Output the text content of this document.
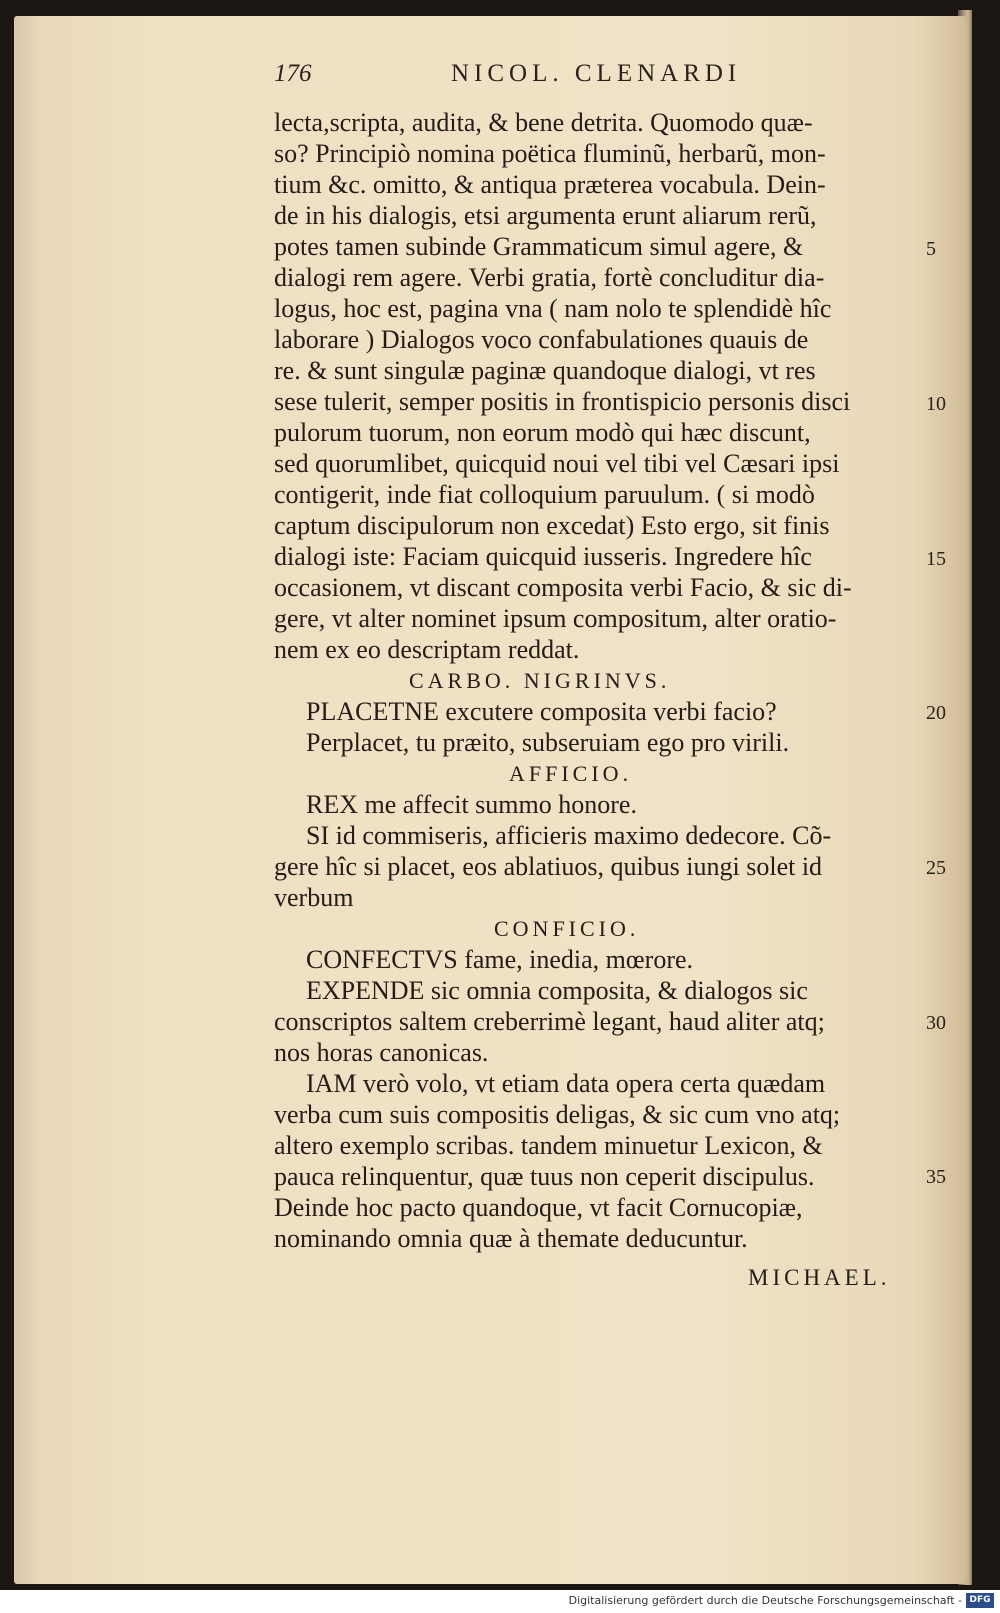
176	NICOL. CLENARDI
lecta,scripta, audita, & bene detrita. Quomodo quæ-
so? Principiò nomina poëtica fluminũ, herbarũ, mon-
tium &c. omitto, & antiqua præterea vocabula. Dein-
de in his dialogis, etsi argumenta erunt aliarum rerũ,
potes tamen subinde Grammaticum simul agere, &
dialogi rem agere. Verbi gratia, fortè concluditur dia-
logus, hoc est, pagina vna ( nam nolo te splendidè hîc
laborare ) Dialogos voco confabulationes quauis de
re. & sunt singulæ paginæ quandoque dialogi, vt res
sese tulerit, semper positis in frontispicio personis disci
pulorum tuorum, non eorum modò qui hæc discunt,
sed quorumlibet, quicquid noui vel tibi vel Cæsari ipsi
contigerit, inde fiat colloquium paruulum. ( si modò
captum discipulorum non excedat) Esto ergo, sit finis
dialogi iste: Faciam quicquid iusseris. Ingredere hîc
occasionem, vt discant composita verbi Facio, & sic di-
gere, vt alter nominet ipsum compositum, alter oratio-
nem ex eo descriptam reddat.
CARBO. NIGRINVS.
PLACETNE excutere composita verbi facio?
Perplacet, tu præito, subseruiam ego pro virili.
AFFICIO.
REX me affecit summo honore.
SI id commiseris, afficieris maximo dedecore. Cõ-
gere hîc si placet, eos ablatiuos, quibus iungi solet id
verbum
CONFICIO.
CONFECTVS fame, inedia, mœrore.
EXPENDE sic omnia composita, & dialogos sic
conscriptos saltem creberrimè legant, haud aliter atq;
nos horas canonicas.
IAM verò volo, vt etiam data opera certa quædam
verba cum suis compositis deligas, & sic cum vno atq;
altero exemplo scribas. tandem minuetur Lexicon, &
pauca relinquentur, quæ tuus non ceperit discipulus.
Deinde hoc pacto quandoque, vt facit Cornucopiæ,
nominando omnia quæ à themate deducuntur.
5
10
15
20
25
30
35
MICHAEL.
Digitalisierung gefördert durch die Deutsche Forschungsgemeinschaft - DFG
